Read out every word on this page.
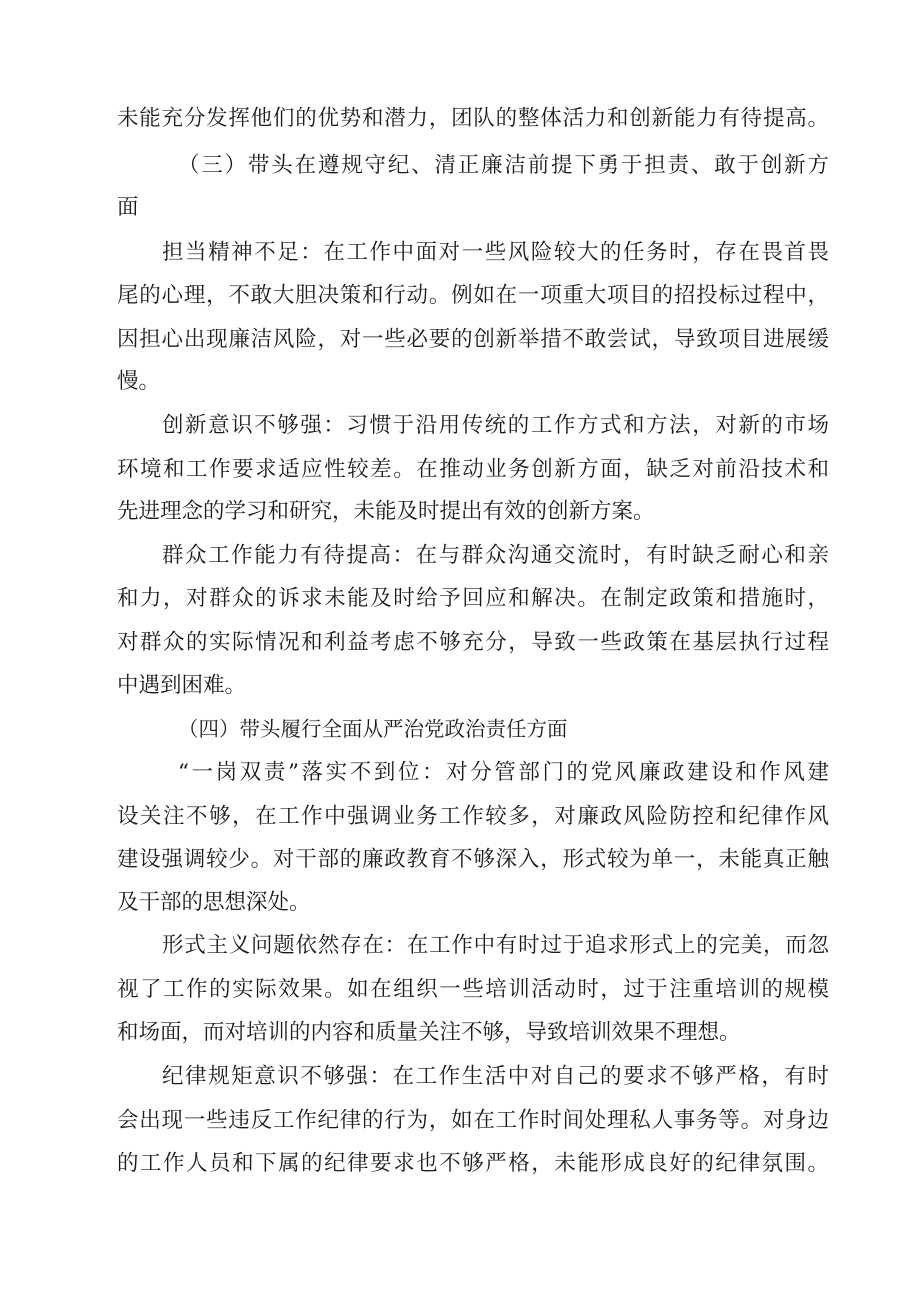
未能充分发挥他们的优势和潜力，团队的整体活力和创新能力有待提高。
（三）带头在遵规守纪、清正廉洁前提下勇于担责、敢于创新方
面
担当精神不足：在工作中面对一些风险较大的任务时，存在畏首畏
尾的心理，不敢大胆决策和行动。例如在一项重大项目的招投标过程中，
因担心出现廉洁风险，对一些必要的创新举措不敢尝试，导致项目进展缓
慢。
创新意识不够强：习惯于沿用传统的工作方式和方法，对新的市场
环境和工作要求适应性较差。在推动业务创新方面，缺乏对前沿技术和
先进理念的学习和研究，未能及时提出有效的创新方案。
群众工作能力有待提高：在与群众沟通交流时，有时缺乏耐心和亲
和力，对群众的诉求未能及时给予回应和解决。在制定政策和措施时，
对群众的实际情况和利益考虑不够充分，导致一些政策在基层执行过程
中遇到困难。
（四）带头履行全面从严治党政治责任方面
“一岗双责”落实不到位：对分管部门的党风廉政建设和作风建
设关注不够，在工作中强调业务工作较多，对廉政风险防控和纪律作风
建设强调较少。对干部的廉政教育不够深入，形式较为单一，未能真正触
及干部的思想深处。
形式主义问题依然存在：在工作中有时过于追求形式上的完美，而忽
视了工作的实际效果。如在组织一些培训活动时，过于注重培训的规模
和场面，而对培训的内容和质量关注不够，导致培训效果不理想。
纪律规矩意识不够强：在工作生活中对自己的要求不够严格，有时
会出现一些违反工作纪律的行为，如在工作时间处理私人事务等。对身边
的工作人员和下属的纪律要求也不够严格，未能形成良好的纪律氛围。
